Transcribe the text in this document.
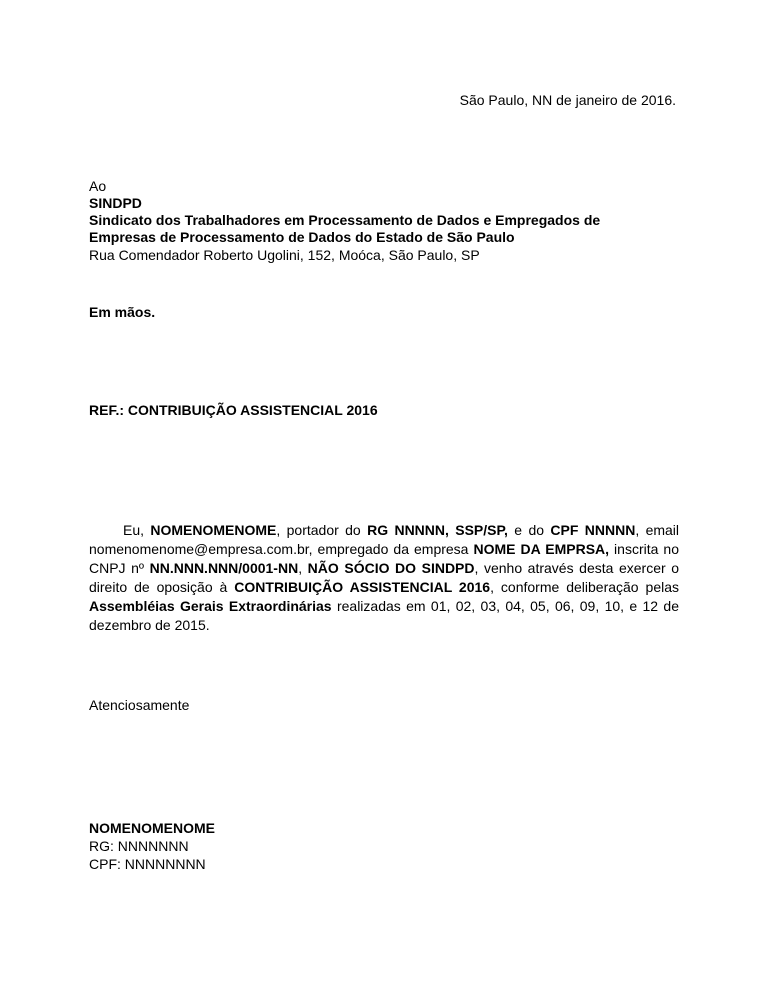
São Paulo, NN de janeiro de 2016.
Ao
SINDPD
Sindicato dos Trabalhadores em Processamento de Dados e Empregados de
Empresas de Processamento de Dados do Estado de São Paulo
Rua Comendador Roberto Ugolini, 152, Moóca, São Paulo, SP
Em mãos.
REF.: CONTRIBUIÇÃO ASSISTENCIAL 2016

Eu, NOMENOMENOME, portador do RG NNNNN, SSP/SP, e do CPF NNNNN, email nomenomenome@empresa.com.br, empregado da empresa NOME DA EMPRSA, inscrita no CNPJ nº NN.NNN.NNN/0001-NN, NÃO SÓCIO DO SINDPD, venho através desta exercer o direito de oposição à CONTRIBUIÇÃO ASSISTENCIAL 2016, conforme deliberação pelas Assembléias Gerais Extraordinárias realizadas em 01, 02, 03, 04, 05, 06, 09, 10, e 12 de dezembro de 2015.

Atenciosamente
NOMENOMENOME
RG: NNNNNNN
CPF: NNNNNNNN
